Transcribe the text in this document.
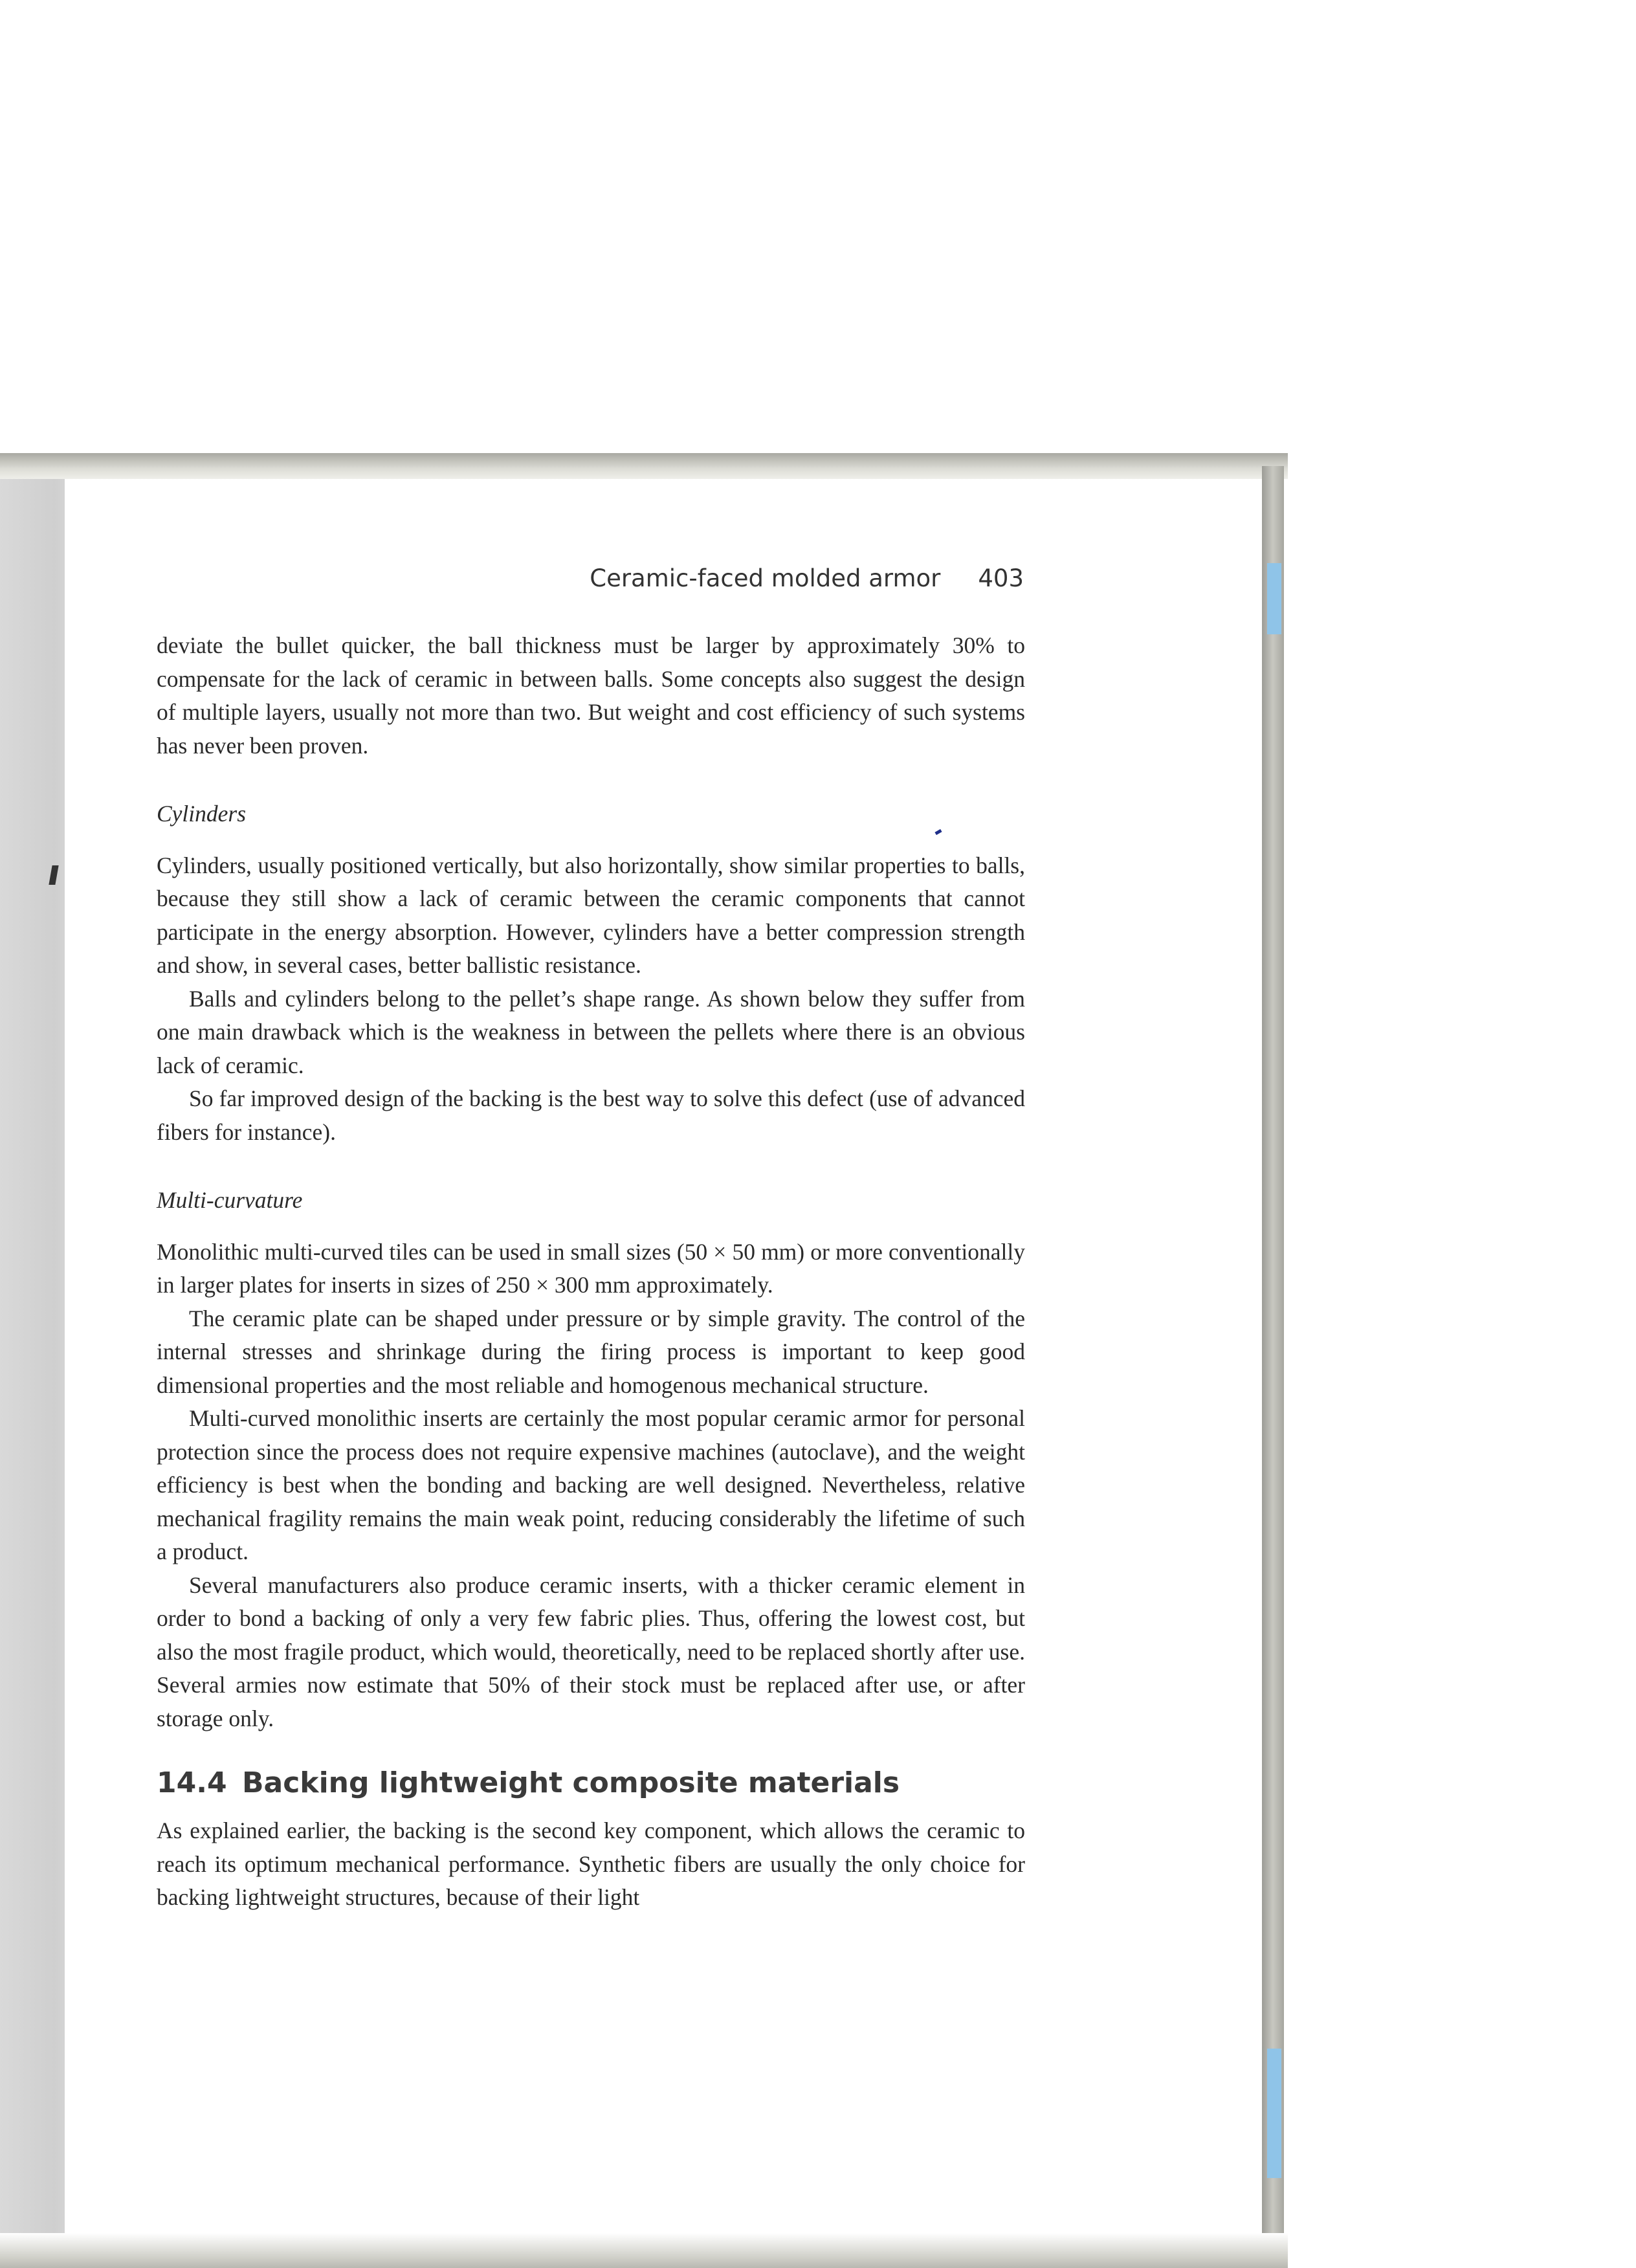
Ceramic-faced molded armor 403

deviate the bullet quicker, the ball thickness must be larger by approximately 30% to compensate for the lack of ceramic in between balls. Some concepts also suggest the design of multiple layers, usually not more than two. But weight and cost efficiency of such systems has never been proven.

Cylinders

Cylinders, usually positioned vertically, but also horizontally, show similar properties to balls, because they still show a lack of ceramic between the ceramic components that cannot participate in the energy absorption. However, cylinders have a better compression strength and show, in several cases, better ballistic resistance.

Balls and cylinders belong to the pellet’s shape range. As shown below they suffer from one main drawback which is the weakness in between the pellets where there is an obvious lack of ceramic.

So far improved design of the backing is the best way to solve this defect (use of advanced fibers for instance).

Multi-curvature

Monolithic multi-curved tiles can be used in small sizes (50 × 50 mm) or more conventionally in larger plates for inserts in sizes of 250 × 300 mm approximately.

The ceramic plate can be shaped under pressure or by simple gravity. The control of the internal stresses and shrinkage during the firing process is important to keep good dimensional properties and the most reliable and homogenous mechanical structure.

Multi-curved monolithic inserts are certainly the most popular ceramic armor for personal protection since the process does not require expensive machines (autoclave), and the weight efficiency is best when the bonding and backing are well designed. Nevertheless, relative mechanical fragility remains the main weak point, reducing considerably the lifetime of such a product.

Several manufacturers also produce ceramic inserts, with a thicker ceramic element in order to bond a backing of only a very few fabric plies. Thus, offering the lowest cost, but also the most fragile product, which would, theoretically, need to be replaced shortly after use. Several armies now estimate that 50% of their stock must be replaced after use, or after storage only.

14.4 Backing lightweight composite materials

As explained earlier, the backing is the second key component, which allows the ceramic to reach its optimum mechanical performance. Synthetic fibers are usually the only choice for backing lightweight structures, because of their light
